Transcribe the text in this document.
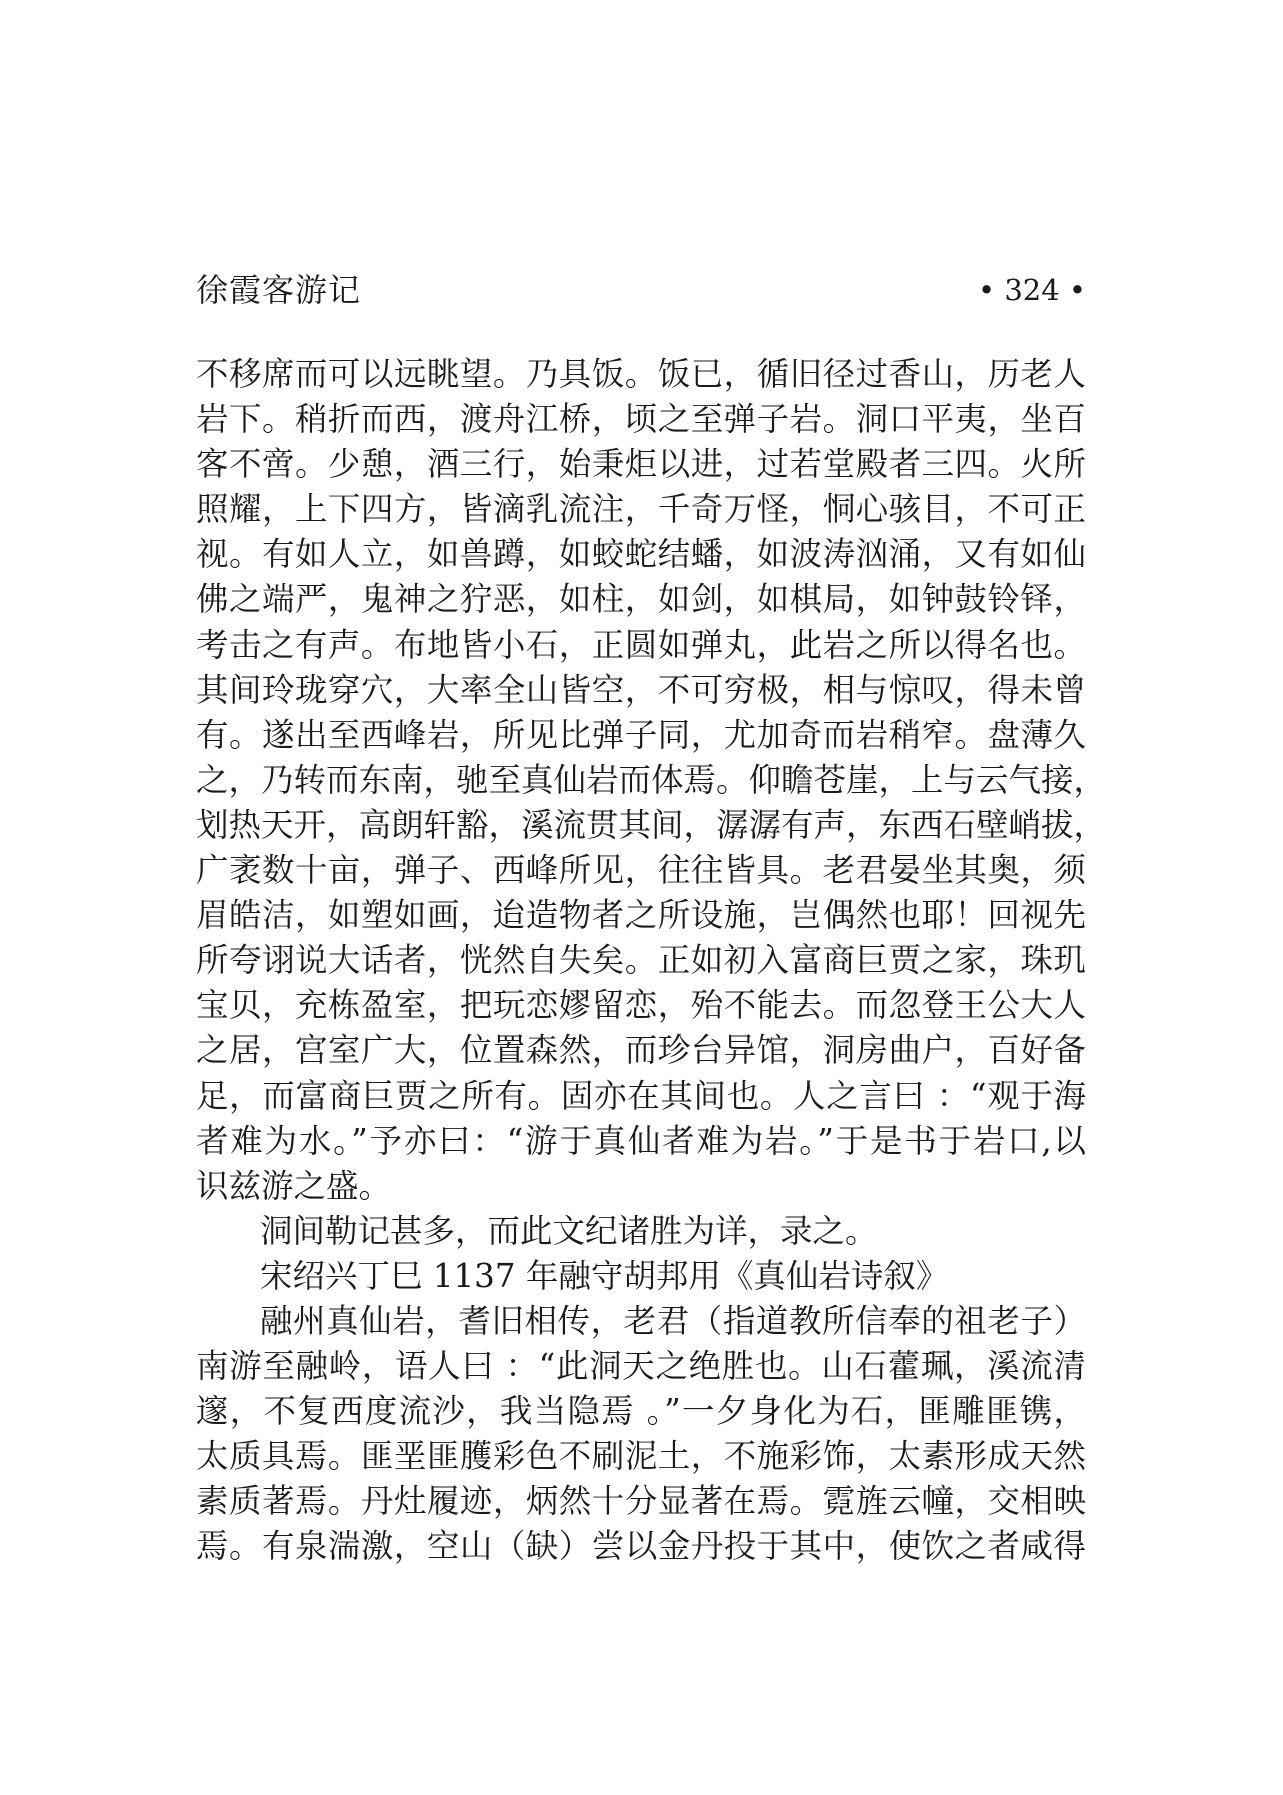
徐霞客游记	• 324 •
不移席而可以远眺望。乃具饭。饭已，循旧径过香山，历老人
岩下。稍折而西，渡舟江桥，顷之至弹子岩。洞口平夷，坐百
客不啻。少憩，酒三行，始秉炬以进，过若堂殿者三四。火所
照耀，上下四方，皆滴乳流注，千奇万怪，恫心骇目，不可正
视。有如人立，如兽蹲，如蛟蛇结蟠，如波涛汹涌，又有如仙
佛之端严，鬼神之狞恶，如柱，如剑，如棋局，如钟鼓铃铎，
考击之有声。布地皆小石，正圆如弹丸，此岩之所以得名也。
其间玲珑穿穴，大率全山皆空，不可穷极，相与惊叹，得未曾
有。遂出至西峰岩，所见比弹子同，尤加奇而岩稍窄。盘薄久
之，乃转而东南，驰至真仙岩而体焉。仰瞻苍崖，上与云气接，
划热天开，高朗轩豁，溪流贯其间，潺潺有声，东西石壁峭拔，
广袤数十亩，弹子、西峰所见，往往皆具。老君晏坐其奥，须
眉皓洁，如塑如画，迨造物者之所设施，岂偶然也耶！回视先
所夸诩说大话者，恍然自失矣。正如初入富商巨贾之家，珠玑
宝贝，充栋盈室，把玩恋嫪留恋，殆不能去。而忽登王公大人
之居，宫室广大，位置森然，而珍台异馆，洞房曲户，百好备
足，而富商巨贾之所有。固亦在其间也。人之言曰 ：“观于海
者难为水。”予亦曰：“游于真仙者难为岩。”于是书于岩口,以
识兹游之盛。
洞间勒记甚多，而此文纪诸胜为详，录之。
宋绍兴丁巳 1137 年融守胡邦用《真仙岩诗叙》
融州真仙岩，耆旧相传，老君（指道教所信奉的祖老子）
南游至融岭，语人曰 ：“此洞天之绝胜也。山石藿珮，溪流清
邃，不复西度流沙，我当隐焉 。”一夕身化为石，匪雕匪镌，
太质具焉。匪垩匪臒彩色不刷泥土，不施彩饰，太素形成天然
素质著焉。丹灶履迹，炳然十分显著在焉。霓旌云幢，交相映
焉。有泉湍激，空山（缺）尝以金丹投于其中，使饮之者咸得
